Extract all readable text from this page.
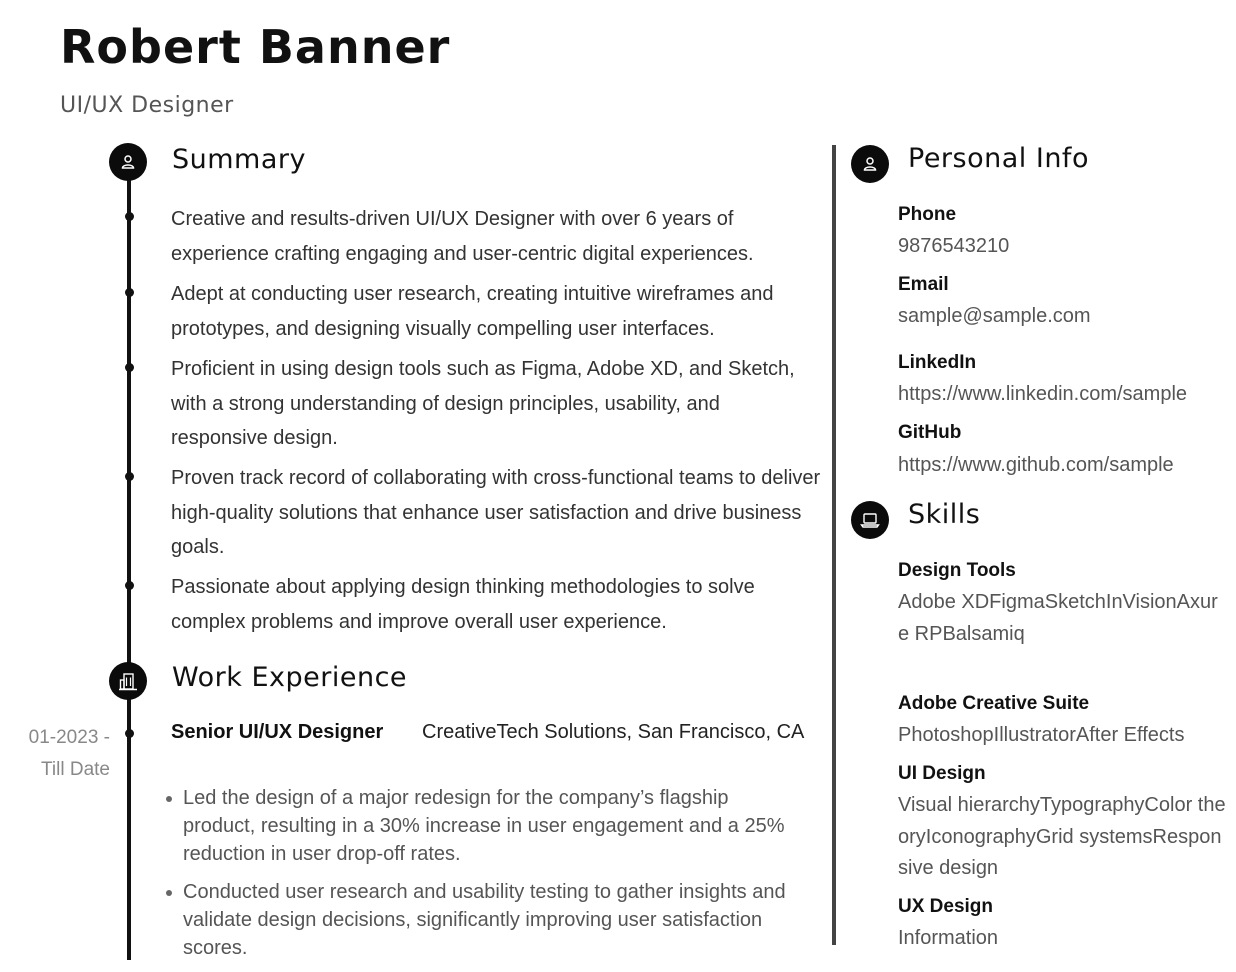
Robert Banner
UI/UX Designer
Summary

Creative and results-driven UI/UX Designer with over 6 years of experience crafting engaging and user-centric digital experiences.

Adept at conducting user research, creating intuitive wireframes and prototypes, and designing visually compelling user interfaces.

Proficient in using design tools such as Figma, Adobe XD, and Sketch, with a strong understanding of design principles, usability, and responsive design.

Proven track record of collaborating with cross-functional teams to deliver high-quality solutions that enhance user satisfaction and drive business goals.

Passionate about applying design thinking methodologies to solve complex problems and improve overall user experience.

Work Experience
01-2023 -
Till Date
Senior UI/UX Designer CreativeTech Solutions, San Francisco, CA
Led the design of a major redesign for the company’s flagship product, resulting in a 30% increase in user engagement and a 25% reduction in user drop-off rates.
Conducted user research and usability testing to gather insights and validate design decisions, significantly improving user satisfaction scores.
Personal Info
Phone
9876543210
Email
sample@sample.com
LinkedIn
https://www.linkedin.com/sample
GitHub
https://www.github.com/sample
Skills
Design Tools
Adobe XDFigmaSketchInVisionAxure RPBalsamiq
Adobe Creative Suite
PhotoshopIllustratorAfter Effects
UI Design
Visual hierarchyTypographyColor theoryIconographyGrid systemsResponsive design
UX Design
Information
